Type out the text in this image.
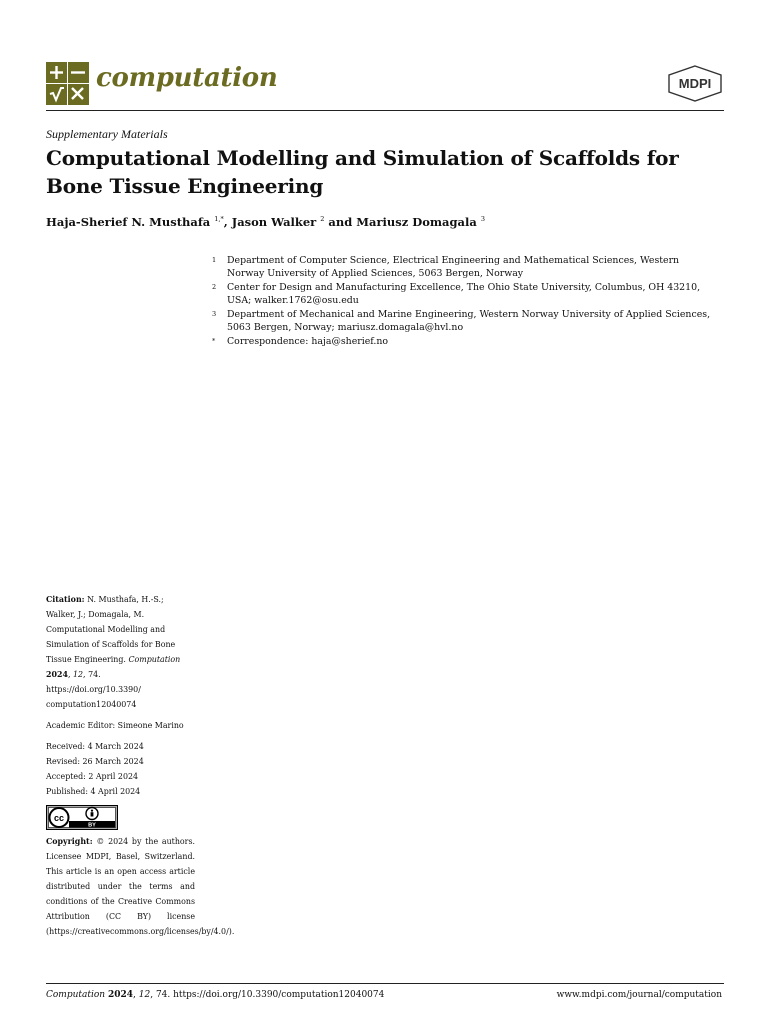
computation	MDPI
Supplementary Materials
Computational Modelling and Simulation of Scaffolds for Bone Tissue Engineering
Haja-Sherief N. Musthafa $^{1,*}$, Jason Walker $^2$ and Mariusz Domagala $^3$
1 Department of Computer Science, Electrical Engineering and Mathematical Sciences, Western Norway University of Applied Sciences, 5063 Bergen, Norway
2 Center for Design and Manufacturing Excellence, The Ohio State University, Columbus, OH 43210, USA; walker.1762@osu.edu
3 Department of Mechanical and Marine Engineering, Western Norway University of Applied Sciences, 5063 Bergen, Norway; mariusz.domagala@hvl.no
* Correspondence: haja@sherief.no

Citation: N. Musthafa, H.-S.; Walker, J.; Domagala, M. Computational Modelling and Simulation of Scaffolds for Bone Tissue Engineering. Computation 2024, 12, 74. https://doi.org/10.3390/ computation12040074

Academic Editor: Simeone Marino

Received: 4 March 2024

Revised: 26 March 2024

Accepted: 2 April 2024

Published: 4 April 2024

cc
BY

Copyright: © 2024 by the authors. Licensee MDPI, Basel, Switzerland. This article is an open access article distributed under the terms and conditions of the Creative Commons Attribution (CC BY) license (https://creativecommons.org/licenses/by/4.0/).

Computation 2024, 12, 74. https://doi.org/10.3390/computation12040074	www.mdpi.com/journal/computation
